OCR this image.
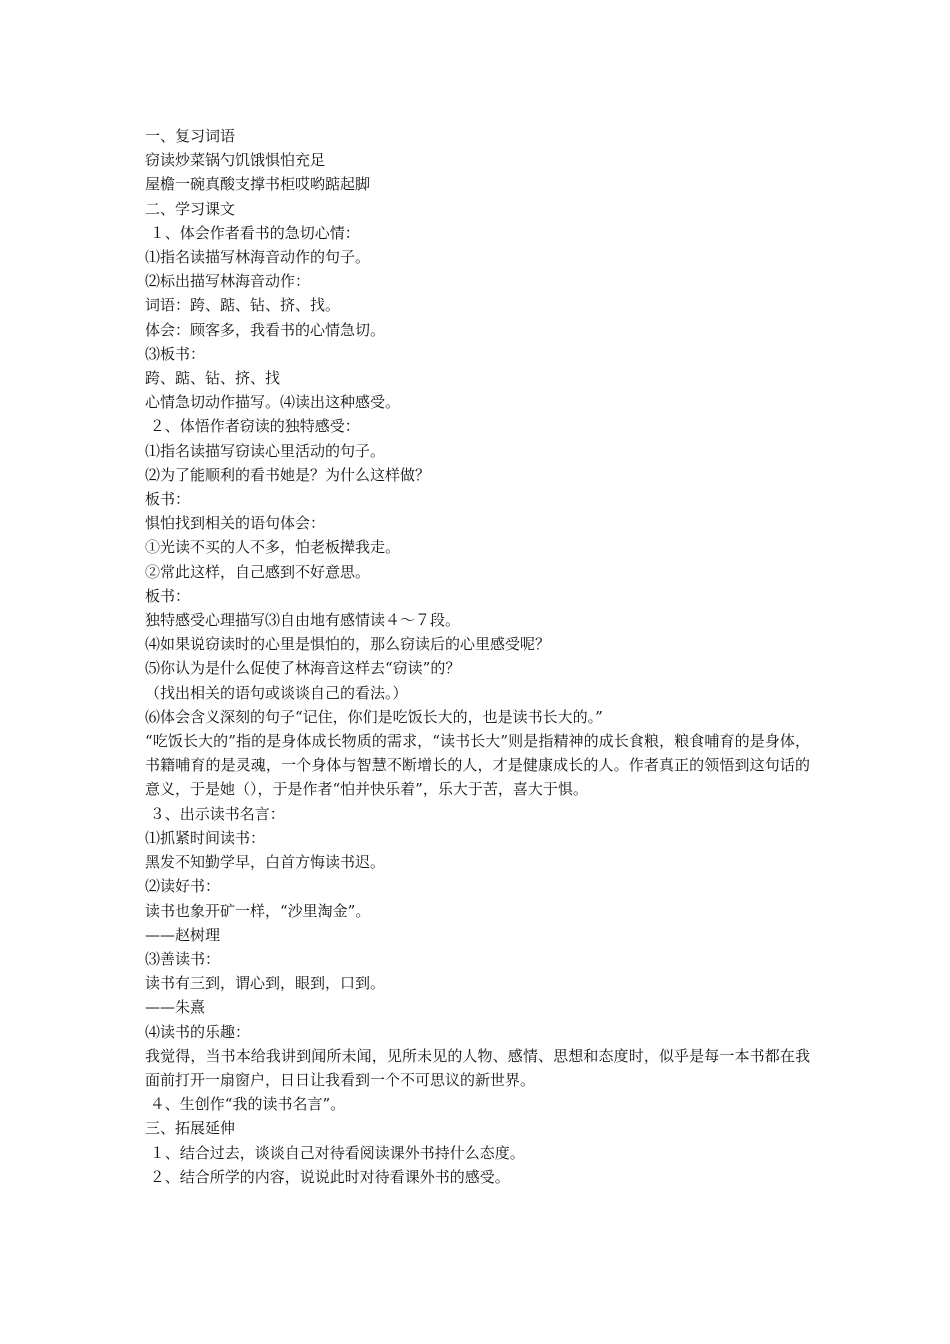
一、复习词语

窃读炒菜锅勺饥饿惧怕充足

屋檐一碗真酸支撑书柜哎哟踮起脚

二、学习课文

１、体会作者看书的急切心情：

⑴指名读描写林海音动作的句子。

⑵标出描写林海音动作：

词语：跨、踮、钻、挤、找。

体会：顾客多，我看书的心情急切。

⑶板书：

跨、踮、钻、挤、找

心情急切动作描写。⑷读出这种感受。

２、体悟作者窃读的独特感受：

⑴指名读描写窃读心里活动的句子。

⑵为了能顺利的看书她是？为什么这样做？

板书：

惧怕找到相关的语句体会：

①光读不买的人不多，怕老板撵我走。

②常此这样，自己感到不好意思。

板书：

独特感受心理描写⑶自由地有感情读４～７段。

⑷如果说窃读时的心里是惧怕的，那么窃读后的心里感受呢？

⑸你认为是什么促使了林海音这样去“窃读”的？

（找出相关的语句或谈谈自己的看法。）

⑹体会含义深刻的句子“记住，你们是吃饭长大的，也是读书长大的。”

“吃饭长大的”指的是身体成长物质的需求，“读书长大”则是指精神的成长食粮，粮食哺育的是身体，书籍哺育的是灵魂，一个身体与智慧不断增长的人，才是健康成长的人。作者真正的领悟到这句话的意义，于是她（），于是作者“怕并快乐着”，乐大于苦，喜大于惧。

３、出示读书名言：

⑴抓紧时间读书：

黑发不知勤学早，白首方悔读书迟。

⑵读好书：

读书也象开矿一样，“沙里淘金”。

——赵树理

⑶善读书：

读书有三到，谓心到，眼到，口到。

——朱熹

⑷读书的乐趣：

我觉得，当书本给我讲到闻所未闻，见所未见的人物、感情、思想和态度时，似乎是每一本书都在我面前打开一扇窗户，日日让我看到一个不可思议的新世界。

４、生创作“我的读书名言”。

三、拓展延伸

１、结合过去，谈谈自己对待看阅读课外书持什么态度。

２、结合所学的内容，说说此时对待看课外书的感受。
